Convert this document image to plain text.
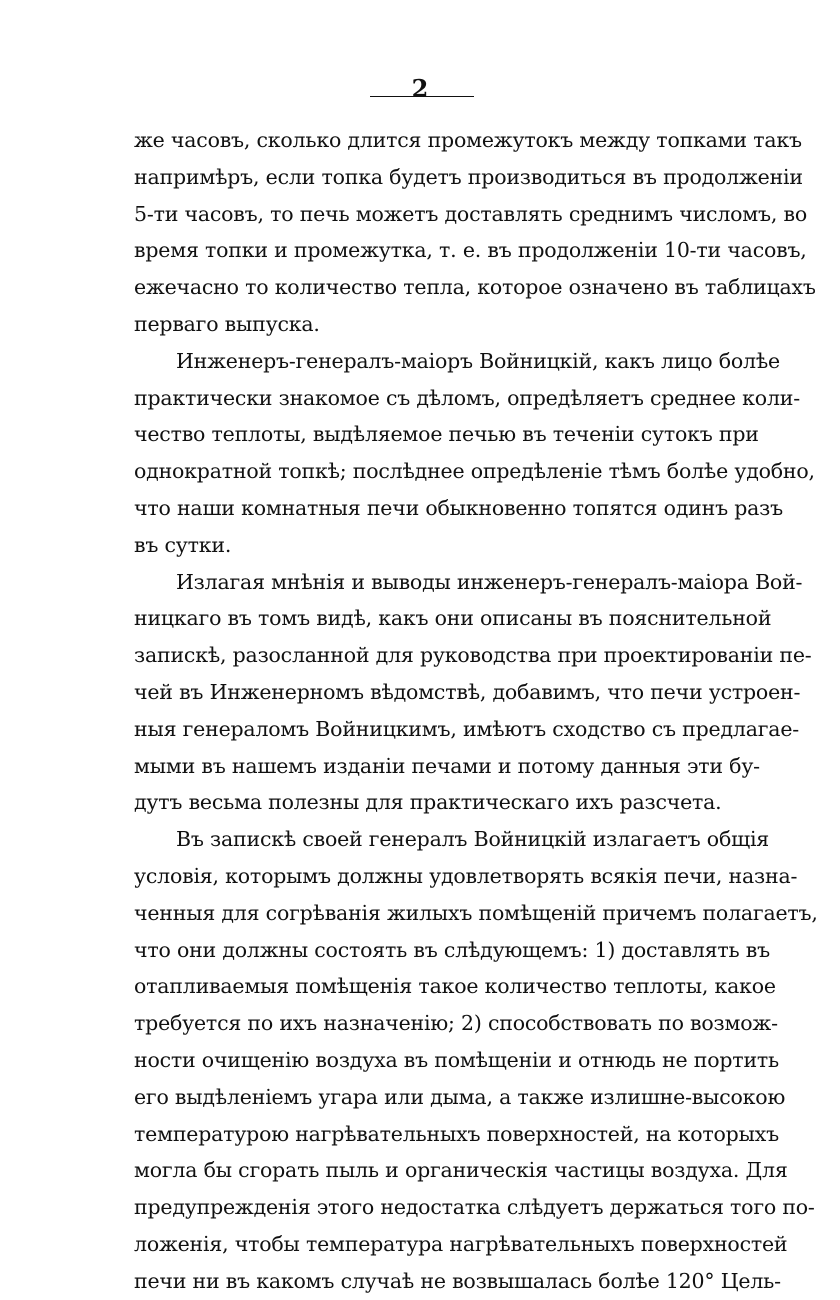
2
же часовъ, сколько длится промежутокъ между топками такъ
напримѣръ, если топка будетъ производиться въ продолженіи
5-ти часовъ, то печь можетъ доставлять среднимъ числомъ, во
время топки и промежутка, т. е. въ продолженіи 10-ти часовъ,
ежечасно то количество тепла, которое означено въ таблицахъ
перваго выпуска.
Инженеръ-генералъ-маіоръ Войницкій, какъ лицо болѣе
практически знакомое съ дѣломъ, опредѣляетъ среднее коли-
чество теплоты, выдѣляемое печью въ теченіи сутокъ при
однократной топкѣ; послѣднее опредѣленіе тѣмъ болѣе удобно,
что наши комнатныя печи обыкновенно топятся одинъ разъ
въ сутки.
Излагая мнѣнія и выводы инженеръ-генералъ-маіора Вой-
ницкаго въ томъ видѣ, какъ они описаны въ пояснительной
запискѣ, разосланной для руководства при проектированіи пе-
чей въ Инженерномъ вѣдомствѣ, добавимъ, что печи устроен-
ныя генераломъ Войницкимъ, имѣютъ сходство съ предлагае-
мыми въ нашемъ изданіи печами и потому данныя эти бу-
дутъ весьма полезны для практическаго ихъ разсчета.
Въ запискѣ своей генералъ Войницкій излагаетъ общія
условія, которымъ должны удовлетворять всякія печи, назна-
ченныя для согрѣванія жилыхъ помѣщеній причемъ полагаетъ,
что они должны состоять въ слѣдующемъ: 1) доставлять въ
отапливаемыя помѣщенія такое количество теплоты, какое
требуется по ихъ назначенію; 2) способствовать по возмож-
ности очищенію воздуха въ помѣщеніи и отнюдь не портить
его выдѣленіемъ угара или дыма, а также излишне-высокою
температурою нагрѣвательныхъ поверхностей, на которыхъ
могла бы сгорать пыль и органическія частицы воздуха. Для
предупрежденія этого недостатка слѣдуетъ держаться того по-
ложенія, чтобы температура нагрѣвательныхъ поверхностей
печи ни въ какомъ случаѣ не возвышалась болѣе 120° Цель-
